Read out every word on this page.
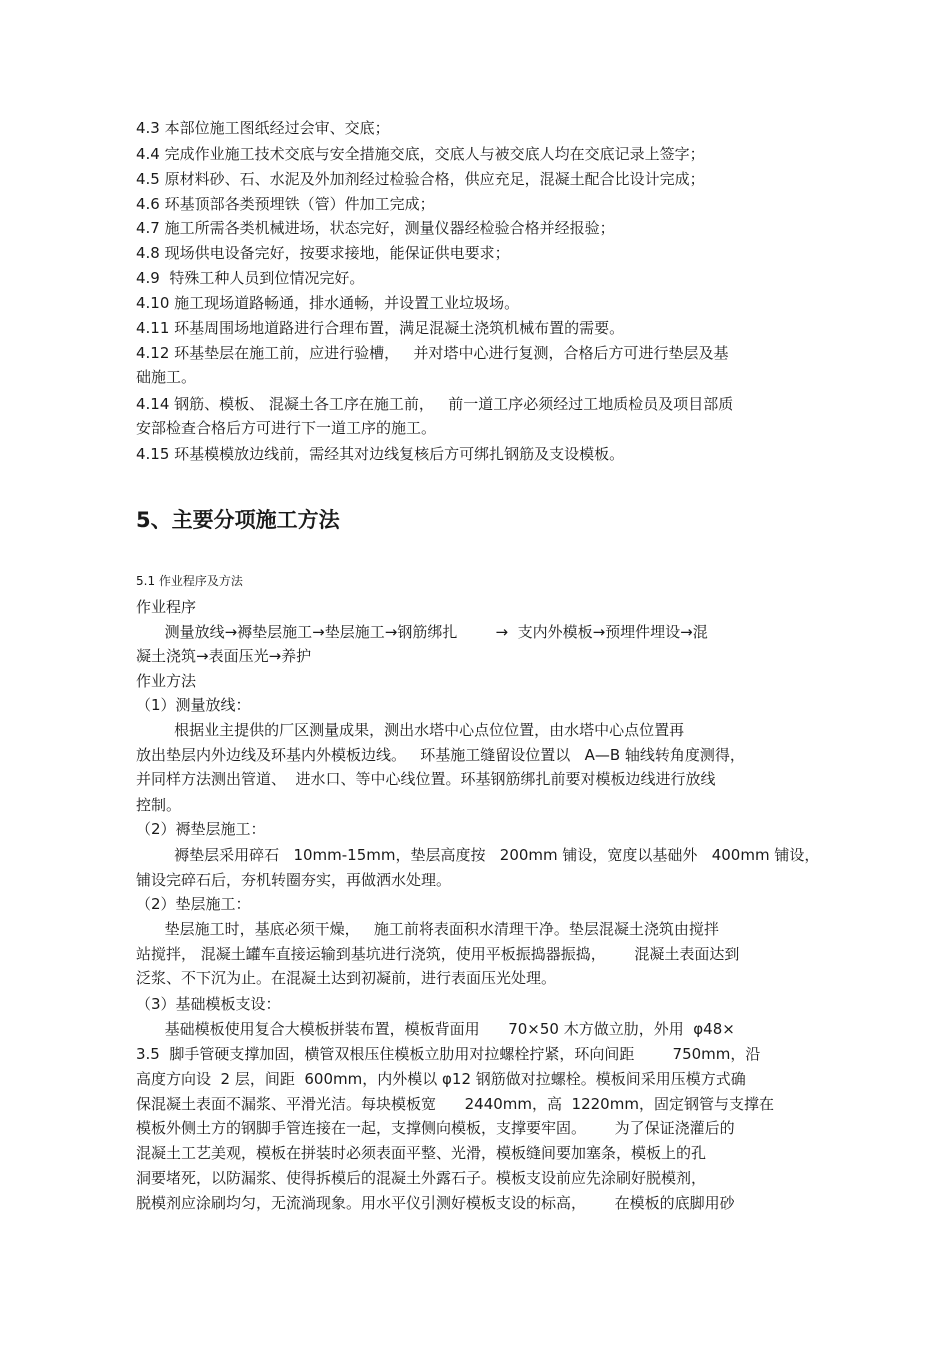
4.3 本部位施工图纸经过会审、交底；
4.4 完成作业施工技术交底与安全措施交底，交底人与被交底人均在交底记录上签字；
4.5 原材料砂、石、水泥及外加剂经过检验合格，供应充足，混凝土配合比设计完成；
4.6 环基顶部各类预埋铁（管）件加工完成；
4.7 施工所需各类机械进场，状态完好，测量仪器经检验合格并经报验；
4.8 现场供电设备完好，按要求接地，能保证供电要求；
4.9  特殊工种人员到位情况完好。
4.10 施工现场道路畅通，排水通畅，并设置工业垃圾场。
4.11 环基周围场地道路进行合理布置，满足混凝土浇筑机械布置的需要。
4.12 环基垫层在施工前，应进行验槽，   并对塔中心进行复测，合格后方可进行垫层及基
础施工。
4.14 钢筋、模板、 混凝土各工序在施工前，   前一道工序必须经过工地质检员及项目部质
安部检查合格后方可进行下一道工序的施工。
4.15 环基模模放边线前，需经其对边线复核后方可绑扎钢筋及支设模板。
5、主要分项施工方法
5.1 作业程序及方法
作业程序
测量放线→褥垫层施工→垫层施工→钢筋绑扎        →  支内外模板→预埋件埋设→混
凝土浇筑→表面压光→养护
作业方法
（1）测量放线：
根据业主提供的厂区测量成果，测出水塔中心点位位置，由水塔中心点位置再
放出垫层内外边线及环基内外模板边线。   环基施工缝留设位置以   A—B 轴线转角度测得，
并同样方法测出管道、  进水口、等中心线位置。环基钢筋绑扎前要对模板边线进行放线
控制。
（2）褥垫层施工：
褥垫层采用碎石   10mm-15mm，垫层高度按   200mm 铺设，宽度以基础外   400mm 铺设，
铺设完碎石后，夯机转圈夯实，再做洒水处理。
（2）垫层施工：
垫层施工时，基底必须干燥，   施工前将表面积水清理干净。垫层混凝土浇筑由搅拌
站搅拌， 混凝土罐车直接运输到基坑进行浇筑，使用平板振捣器振捣，      混凝土表面达到
泛浆、不下沉为止。在混凝土达到初凝前，进行表面压光处理。
（3）基础模板支设：
基础模板使用复合大模板拼装布置，模板背面用      70×50 木方做立肋，外用  φ48×
3.5  脚手管硬支撑加固，横管双根压住模板立肋用对拉螺栓拧紧，环向间距        750mm，沿
高度方向设  2 层，间距  600mm，内外模以 φ12 钢筋做对拉螺栓。模板间采用压模方式确
保混凝土表面不漏浆、平滑光洁。每块模板宽      2440mm，高  1220mm，固定钢管与支撑在
模板外侧土方的钢脚手管连接在一起，支撑侧向模板，支撑要牢固。      为了保证浇灌后的
混凝土工艺美观，模板在拼装时必须表面平整、光滑，模板缝间要加塞条，模板上的孔
洞要堵死，以防漏浆、使得拆模后的混凝土外露石子。模板支设前应先涂刷好脱模剂，
脱模剂应涂刷均匀，无流淌现象。用水平仪引测好模板支设的标高，      在模板的底脚用砂
